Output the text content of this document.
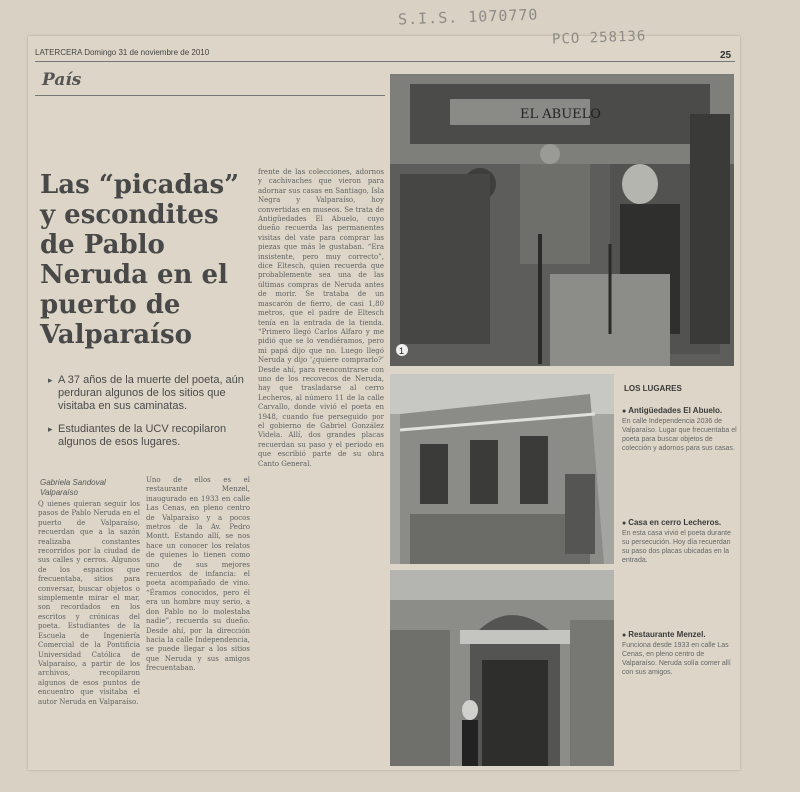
S.I.S. 1070770
PCO 258136
LATERCERA Domingo 31 de noviembre de 2010	25
País
Las “picadas” y escondites de Pablo Neruda en el puerto de Valparaíso
▸ A 37 años de la muerte del poeta, aún perduran algunos de los sitios que visitaba en sus caminatas.
▸ Estudiantes de la UCV recopilaron algunos de esos lugares.
Gabriela Sandoval
Valparaíso
Q uienes quieran seguir los pasos de Pablo Neruda en el puerto de Valparaíso, recuerdan que a la sazón realizaba constantes recorridos por la ciudad de sus calles y cerros. Algunos de los espacios que frecuentaba, sitios para conversar, buscar objetos o simplemente mirar el mar, son recordados en los escritos y crónicas del poeta. Estudiantes de la Escuela de Ingeniería Comercial de la Pontificia Universidad Católica de Valparaíso, a partir de los archivos, recopilaron algunos de esos puntos de encuentro que visitaba el autor Neruda en Valparaíso.
Uno de ellos es el restaurante Menzel, inaugurado en 1933 en calle Las Cenas, en pleno centro de Valparaíso y a pocos metros de la Av. Pedro Montt. Estando allí, se nos hace un conocer los relatos de quienes lo tienen como uno de sus mejores recuerdos de infancia: el poeta acompañado de vino. “Éramos conocidos, pero él era un hombre muy serio, a don Pablo no lo molestaba nadie”, recuerda su dueño. Desde ahí, por la dirección hacia la calle Independencia, se puede llegar a los sitios que Neruda y sus amigos frecuentaban.
frente de las colecciones, adornos y cachivaches que vieron para adornar sus casas en Santiago, Isla Negra y Valparaíso, hoy convertidas en museos. Se trata de Antigüedades El Abuelo, cuyo dueño recuerda las permanentes visitas del vate para comprar las piezas que más le gustaban. “Era insistente, pero muy correcto”, dice Eltesch, quien recuerda que probablemente sea una de las últimas compras de Neruda antes de morir. Se trataba de un mascarón de fierro, de casi 1,80 metros, que el padre de Eltesch tenía en la entrada de la tienda. “Primero llegó Carlos Alfaro y me pidió que se lo vendiéramos, pero mi papá dijo que no. Luego llegó Neruda y dijo ‘¿quiere comprarlo?’ Desde ahí, para reencontrarse con uno de los recovecos de Neruda, hay que trasladarse al cerro Lecheros, al número 11 de la calle Carvallo, donde vivió el poeta en 1948, cuando fue perseguido por el gobierno de Gabriel González Videla. Allí, dos grandes placas recuerdan su paso y el periodo en que escribió parte de su obra Canto General.
EL ABUELO
1
LOS LUGARES
● Antigüedades El Abuelo.
En calle Independencia 2036 de Valparaíso. Lugar que frecuentaba el poeta para buscar objetos de colección y adornos para sus casas.
● Casa en cerro Lecheros.
En esta casa vivió el poeta durante su persecución. Hoy día recuerdan su paso dos placas ubicadas en la entrada.
● Restaurante Menzel.
Funciona desde 1933 en calle Las Cenas, en pleno centro de Valparaíso. Neruda solía comer allí con sus amigos.
